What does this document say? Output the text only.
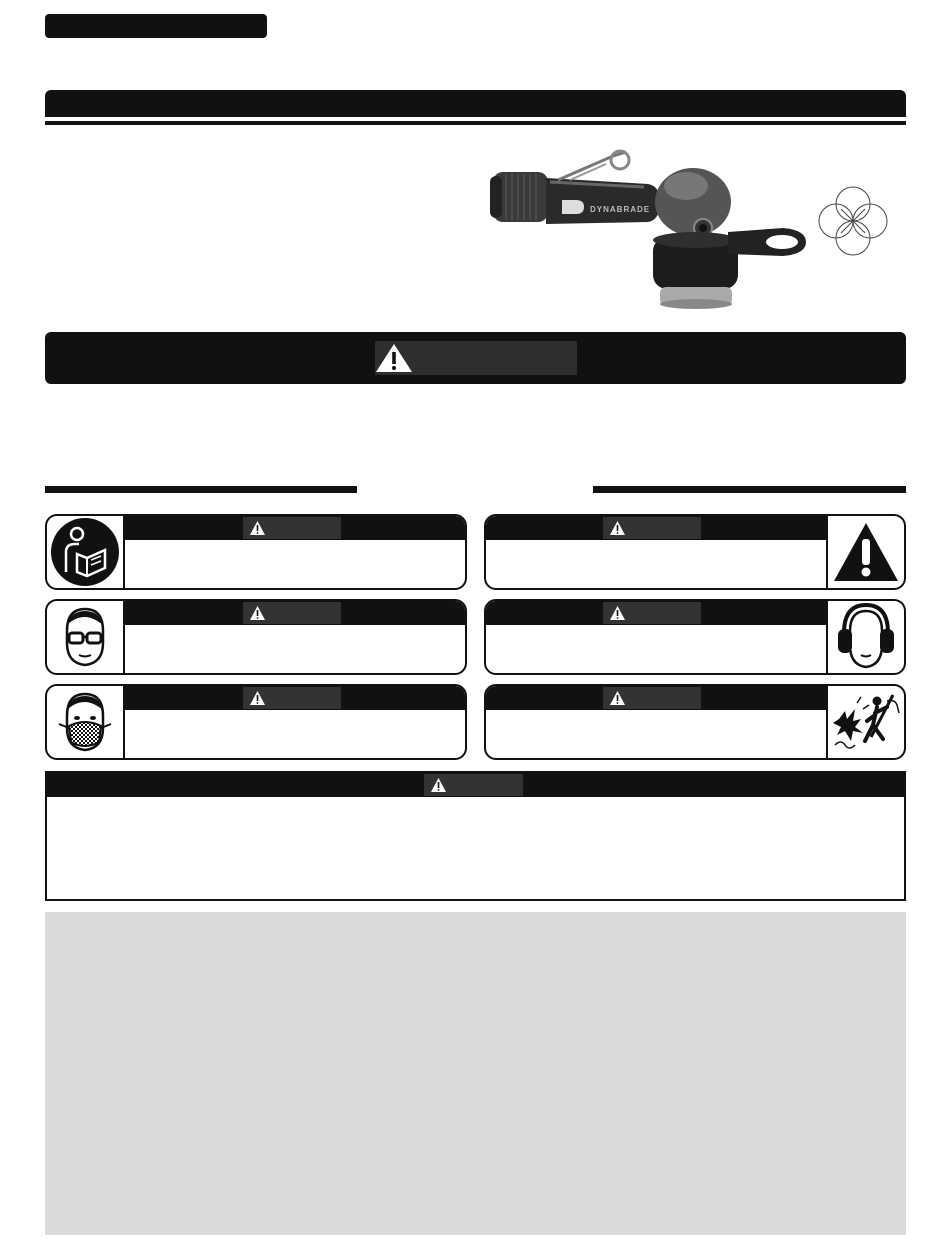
DYNABRADE
